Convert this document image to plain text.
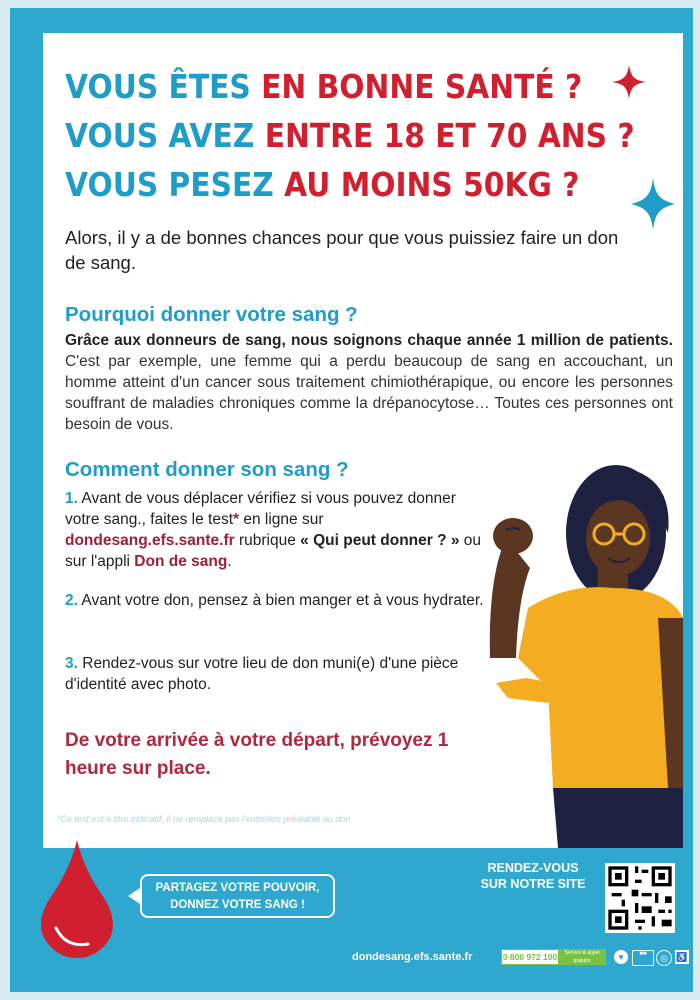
VOUS ÊTES EN BONNE SANTÉ ?
VOUS AVEZ ENTRE 18 ET 70 ANS ?
VOUS PESEZ AU MOINS 50KG ?
Alors, il y a de bonnes chances pour que vous puissiez faire un don de sang.
Pourquoi donner votre sang ?
Grâce aux donneurs de sang, nous soignons chaque année 1 million de patients. C'est par exemple, une femme qui a perdu beaucoup de sang en accouchant, un homme atteint d'un cancer sous traitement chimiothérapique, ou encore les personnes souffrant de maladies chroniques comme la drépanocytose… Toutes ces personnes ont besoin de vous.
Comment donner son sang ?
1. Avant de vous déplacer vérifiez si vous pouvez donner votre sang., faites le test* en ligne sur dondesang.efs.sante.fr rubrique « Qui peut donner ? » ou sur l'appli Don de sang.
2. Avant votre don, pensez à bien manger et à vous hydrater.
3. Rendez-vous sur votre lieu de don muni(e) d'une pièce d'identité avec photo.
De votre arrivée à votre départ, prévoyez 1 heure sur place.
*Ce test est à titre indicatif, il ne remplace pas l'entretien préalable au don
PARTAGEZ VOTRE POUVOIR,
DONNEZ VOTRE SANG !
RENDEZ-VOUS SUR NOTRE SITE
dondesang.efs.sante.fr	0 800 972 100	Service & appel gratuits	♥	■■	◎ ♿
